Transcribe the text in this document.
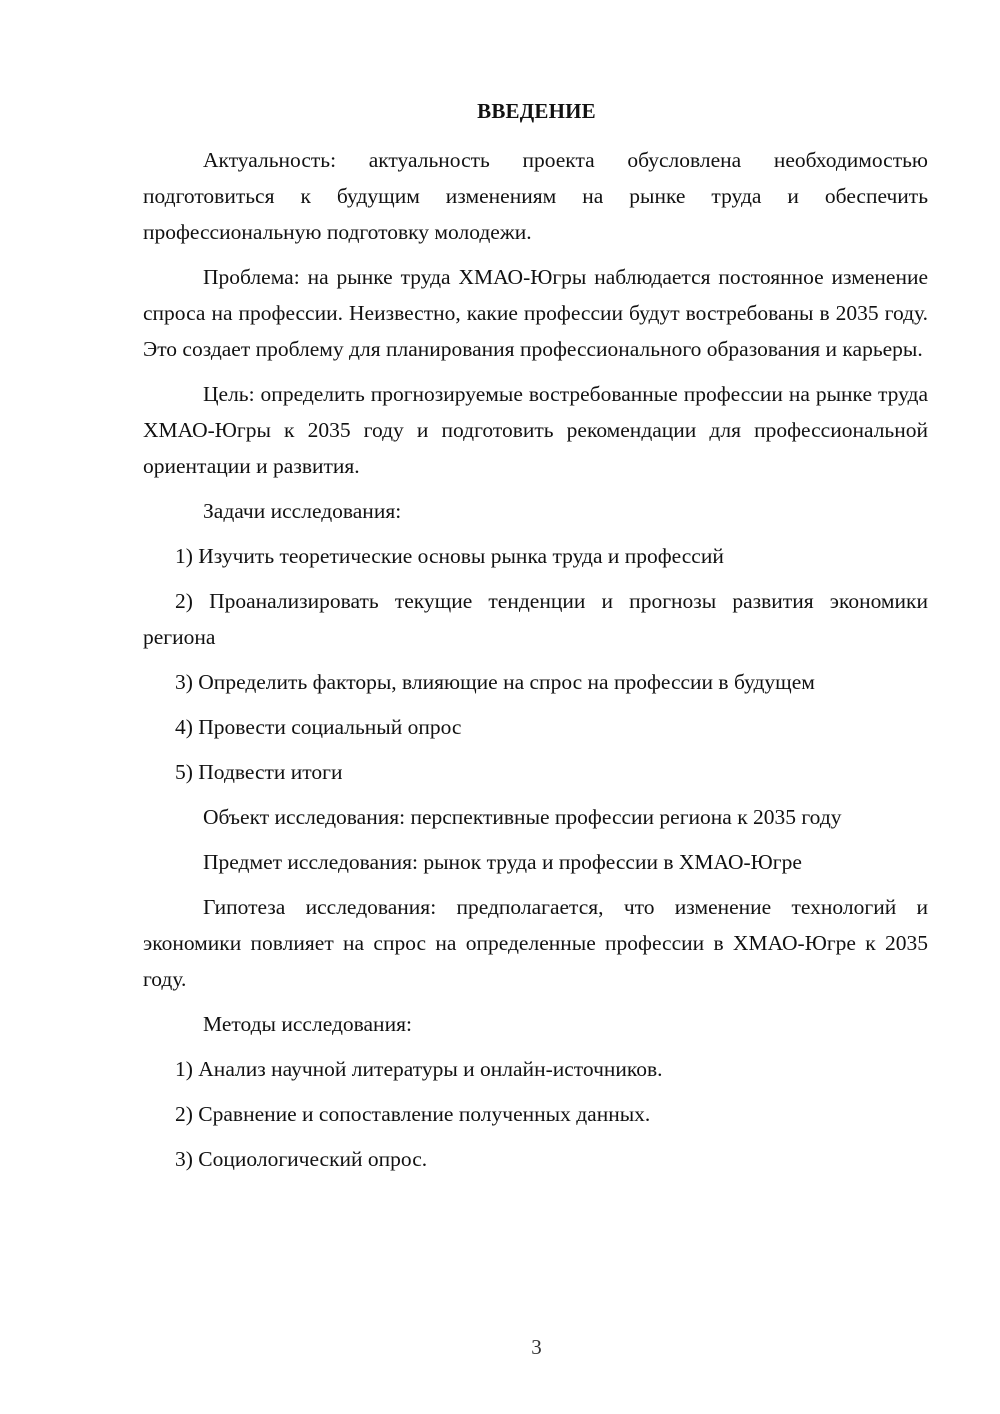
ВВЕДЕНИЕ

Актуальность: актуальность проекта обусловлена необходимостью подготовиться к будущим изменениям на рынке труда и обеспечить профессиональную подготовку молодежи.

Проблема: на рынке труда ХМАО-Югры наблюдается постоянное изменение спроса на профессии. Неизвестно, какие профессии будут востребованы в 2035 году. Это создает проблему для планирования профессионального образования и карьеры.

Цель: определить прогнозируемые востребованные профессии на рынке труда ХМАО-Югры к 2035 году и подготовить рекомендации для профессиональной ориентации и развития.

Задачи исследования:

1) Изучить теоретические основы рынка труда и профессий

2) Проанализировать текущие тенденции и прогнозы развития экономики региона

3) Определить факторы, влияющие на спрос на профессии в будущем

4) Провести социальный опрос

5) Подвести итоги

Объект исследования: перспективные профессии региона к 2035 году

Предмет исследования: рынок труда и профессии в ХМАО-Югре

Гипотеза исследования: предполагается, что изменение технологий и экономики повлияет на спрос на определенные профессии в ХМАО-Югре к 2035 году.

Методы исследования:

1) Анализ научной литературы и онлайн-источников.

2) Сравнение и сопоставление полученных данных.

3) Социологический опрос.

3
